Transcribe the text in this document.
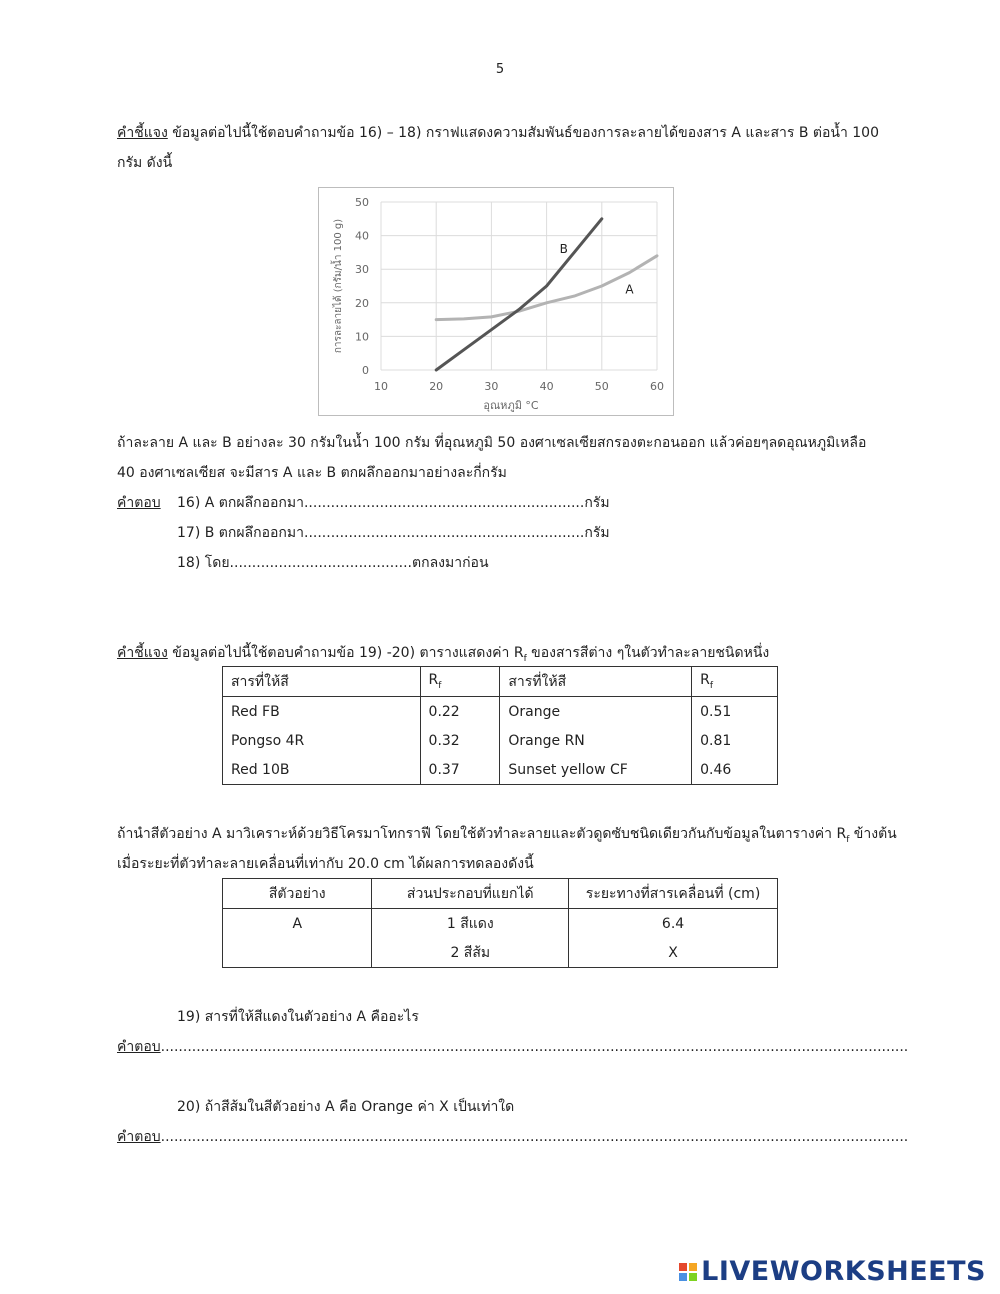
5
คำชี้แจง ข้อมูลต่อไปนี้ใช้ตอบคำถามข้อ 16) – 18) กราฟแสดงความสัมพันธ์ของการละลายได้ของสาร A และสาร B ต่อน้ำ 100
กรัม ดังนี้
0
10
20
30
40
50
10	20	30	40	50	60
อุณหภูมิ °C
การละลายได้ (กรัม/น้ำ 100 g)	A
B
ถ้าละลาย A และ B อย่างละ 30 กรัมในน้ำ 100 กรัม ที่อุณหภูมิ 50 องศาเซลเซียสกรองตะกอนออก แล้วค่อยๆลดอุณหภูมิเหลือ
40 องศาเซลเซียส จะมีสาร A และ B ตกผลึกออกมาอย่างละกี่กรัม
คำตอบ 16) A ตกผลึกออกมา...............................................................กรัม
17) B ตกผลึกออกมา...............................................................กรัม
18) โดย.........................................ตกลงมาก่อน
คำชี้แจง ข้อมูลต่อไปนี้ใช้ตอบคำถามข้อ 19) -20) ตารางแสดงค่า $R_f$ ของสารสีต่าง ๆในตัวทำละลายชนิดหนึ่ง
สารที่ให้สี	$R_f$	สารที่ให้สี	$R_f$
Red FB	0.22	Orange	0.51
Pongso 4R	0.32	Orange RN	0.81
Red 10B	0.37	Sunset yellow CF	0.46
ถ้านำสีตัวอย่าง A มาวิเคราะห์ด้วยวิธีโครมาโทกราฟี โดยใช้ตัวทำละลายและตัวดูดซับชนิดเดียวกันกับข้อมูลในตารางค่า $R_f$ ข้างต้น
เมื่อระยะที่ตัวทำละลายเคลื่อนที่เท่ากับ 20.0 cm ได้ผลการทดลองดังนี้
สีตัวอย่าง	ส่วนประกอบที่แยกได้	ระยะทางที่สารเคลื่อนที่ (cm)
A	1 สีแดง	6.4
	2 สีส้ม	X
19) สารที่ให้สีแดงในตัวอย่าง A คืออะไร
คำตอบ........................................................................................................................................................................
20) ถ้าสีส้มในสีตัวอย่าง A คือ Orange ค่า X เป็นเท่าใด
คำตอบ........................................................................................................................................................................
LIVEWORKSHEETS
